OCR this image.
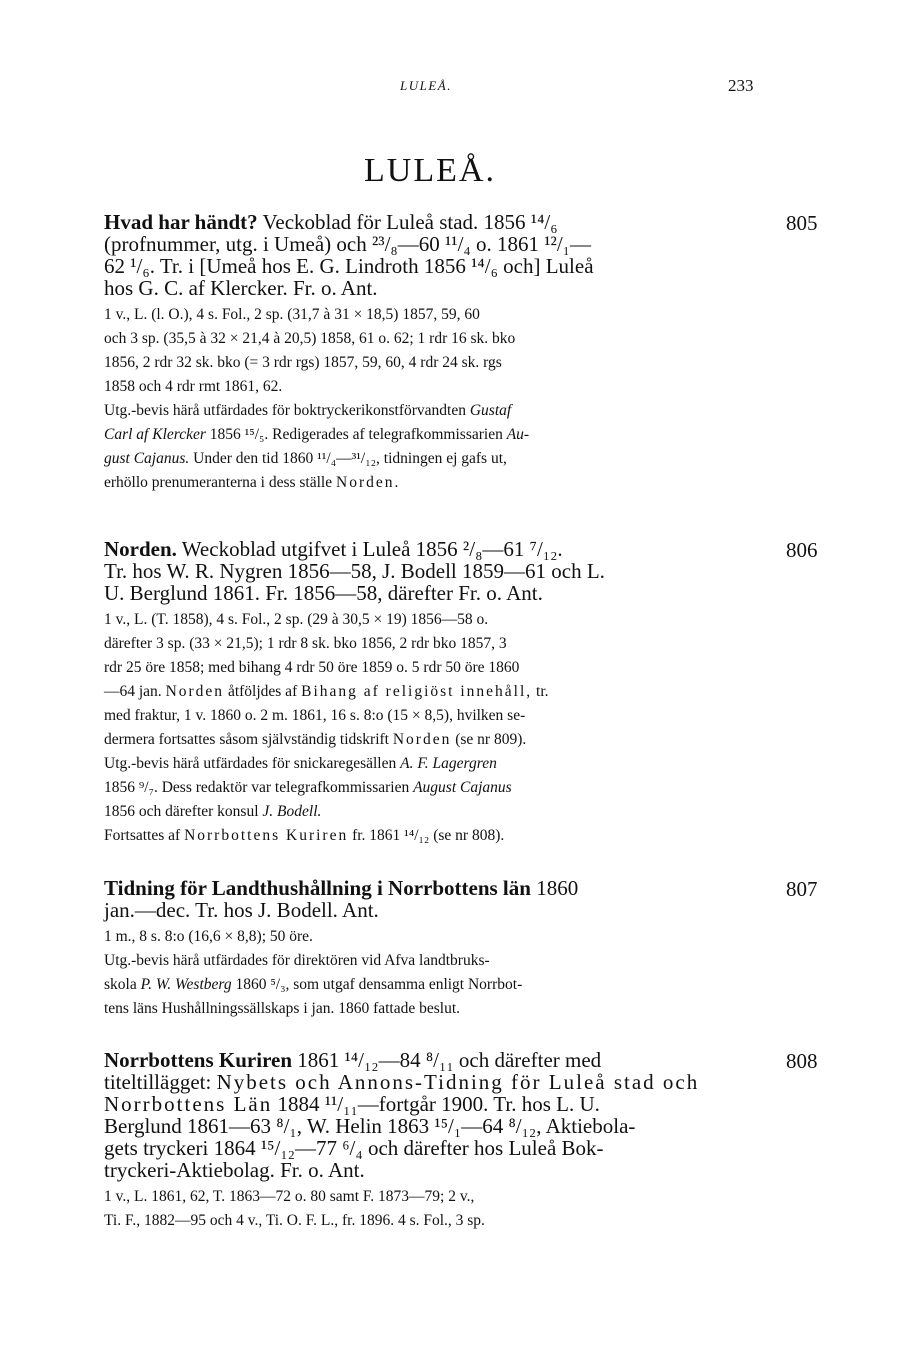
LULEÅ.	233
LULEÅ.
805

Hvad har händt? Veckoblad för Luleå stad. 1856 ¹⁴/₆
(profnummer, utg. i Umeå) och ²³/₈—60 ¹¹/₄ o. 1861 ¹²/₁—
62 ¹/₆. Tr. i [Umeå hos E. G. Lindroth 1856 ¹⁴/₆ och] Luleå
hos G. C. af Klercker. Fr. o. Ant.

1 v., L. (l. O.), 4 s. Fol., 2 sp. (31,7 à 31 × 18,5) 1857, 59, 60
och 3 sp. (35,5 à 32 × 21,4 à 20,5) 1858, 61 o. 62; 1 rdr 16 sk. bko
1856, 2 rdr 32 sk. bko (= 3 rdr rgs) 1857, 59, 60, 4 rdr 24 sk. rgs
1858 och 4 rdr rmt 1861, 62.

Utg.-bevis härå utfärdades för boktryckerikonstförvandten Gustaf
Carl af Klercker 1856 ¹⁵/₅. Redigerades af telegrafkommissarien Au-
gust Cajanus. Under den tid 1860 ¹¹/₄—³¹/₁₂, tidningen ej gafs ut,
erhöllo prenumeranterna i dess ställe Norden.

806

Norden. Weckoblad utgifvet i Luleå 1856 ²/₈—61 ⁷/₁₂.
Tr. hos W. R. Nygren 1856—58, J. Bodell 1859—61 och L.
U. Berglund 1861. Fr. 1856—58, därefter Fr. o. Ant.

1 v., L. (T. 1858), 4 s. Fol., 2 sp. (29 à 30,5 × 19) 1856—58 o.
därefter 3 sp. (33 × 21,5); 1 rdr 8 sk. bko 1856, 2 rdr bko 1857, 3
rdr 25 öre 1858; med bihang 4 rdr 50 öre 1859 o. 5 rdr 50 öre 1860
—64 jan. Norden åtföljdes af Bihang af religiöst innehåll, tr.
med fraktur, 1 v. 1860 o. 2 m. 1861, 16 s. 8:o (15 × 8,5), hvilken se-
dermera fortsattes såsom självständig tidskrift Norden (se nr 809).

Utg.-bevis härå utfärdades för snickaregesällen A. F. Lagergren
1856 ⁹/₇. Dess redaktör var telegrafkommissarien August Cajanus
1856 och därefter konsul J. Bodell.
Fortsattes af Norrbottens Kuriren fr. 1861 ¹⁴/₁₂ (se nr 808).

807

Tidning för Landthushållning i Norrbottens län 1860
jan.—dec. Tr. hos J. Bodell. Ant.

1 m., 8 s. 8:o (16,6 × 8,8); 50 öre.

Utg.-bevis härå utfärdades för direktören vid Afva landtbruks-
skola P. W. Westberg 1860 ⁵/₃, som utgaf densamma enligt Norrbot-
tens läns Hushållningssällskaps i jan. 1860 fattade beslut.

808

Norrbottens Kuriren 1861 ¹⁴/₁₂—84 ⁸/₁₁ och därefter med
titeltillägget: Nybets och Annons-Tidning för Luleå stad och
Norrbottens Län 1884 ¹¹/₁₁—fortgår 1900. Tr. hos L. U.
Berglund 1861—63 ⁸/₁, W. Helin 1863 ¹⁵/₁—64 ⁸/₁₂, Aktiebola-
gets tryckeri 1864 ¹⁵/₁₂—77 ⁶/₄ och därefter hos Luleå Bok-
tryckeri-Aktiebolag. Fr. o. Ant.

1 v., L. 1861, 62, T. 1863—72 o. 80 samt F. 1873—79; 2 v.,
Ti. F., 1882—95 och 4 v., Ti. O. F. L., fr. 1896. 4 s. Fol., 3 sp.
